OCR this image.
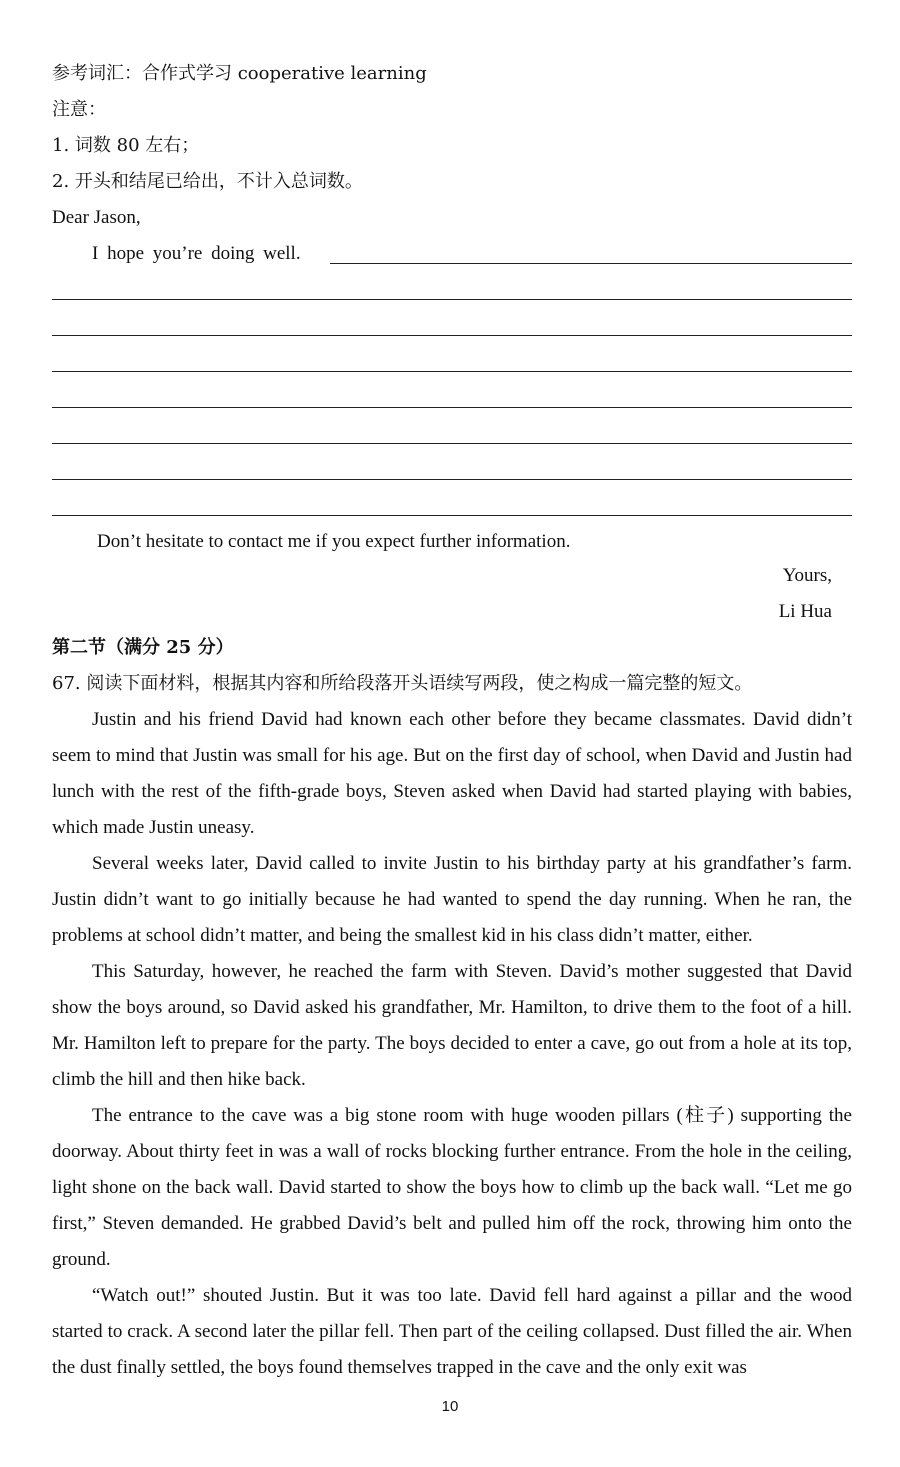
参考词汇：合作式学习 cooperative learning
注意：
1. 词数 80 左右；
2. 开头和结尾已给出，不计入总词数。
Dear Jason,
I hope you’re doing well.
Don’t hesitate to contact me if you expect further information.
Yours,
Li Hua
第二节（满分 25 分）
67. 阅读下面材料，根据其内容和所给段落开头语续写两段，使之构成一篇完整的短文。
Justin and his friend David had known each other before they became classmates. David didn’t seem to mind that Justin was small for his age. But on the first day of school, when David and Justin had lunch with the rest of the fifth-grade boys, Steven asked when David had started playing with babies, which made Justin uneasy.
Several weeks later, David called to invite Justin to his birthday party at his grandfather’s farm. Justin didn’t want to go initially because he had wanted to spend the day running. When he ran, the problems at school didn’t matter, and being the smallest kid in his class didn’t matter, either.
This Saturday, however, he reached the farm with Steven. David’s mother suggested that David show the boys around, so David asked his grandfather, Mr. Hamilton, to drive them to the foot of a hill. Mr. Hamilton left to prepare for the party. The boys decided to enter a cave, go out from a hole at its top, climb the hill and then hike back.
The entrance to the cave was a big stone room with huge wooden pillars (柱子) supporting the doorway. About thirty feet in was a wall of rocks blocking further entrance. From the hole in the ceiling, light shone on the back wall. David started to show the boys how to climb up the back wall. “Let me go first,” Steven demanded. He grabbed David’s belt and pulled him off the rock, throwing him onto the ground.
“Watch out!” shouted Justin. But it was too late. David fell hard against a pillar and the wood started to crack. A second later the pillar fell. Then part of the ceiling collapsed. Dust filled the air. When the dust finally settled, the boys found themselves trapped in the cave and the only exit was
10
